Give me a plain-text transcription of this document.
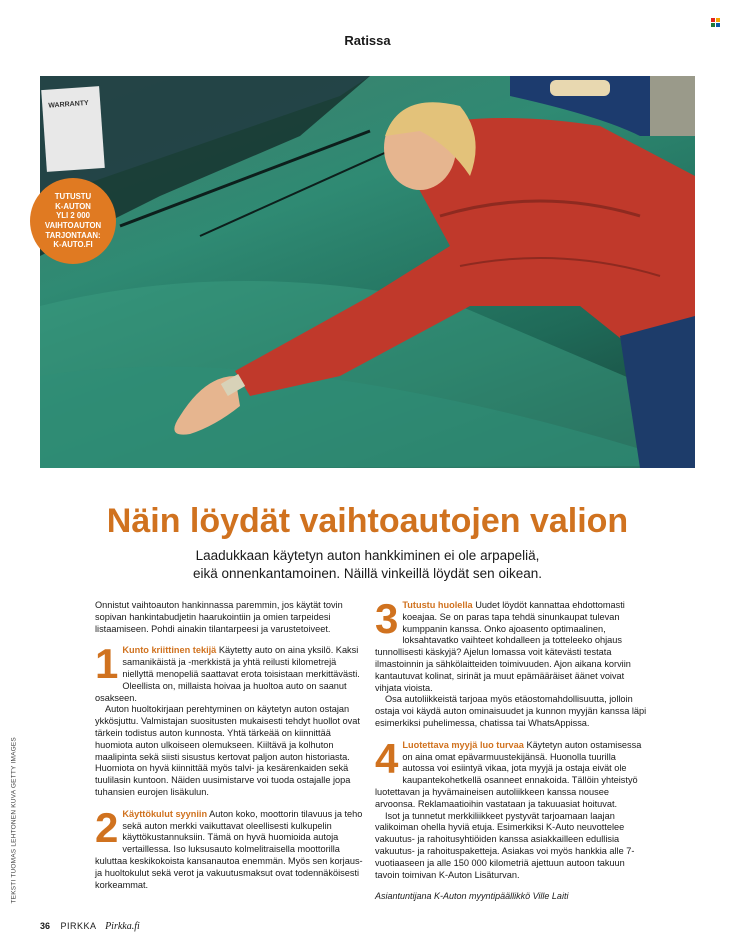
Ratissa
WARRANTY
TUTUSTU
K-AUTON
YLI 2 000
VAIHTOAUTON
TARJONTAAN:
K-AUTO.FI
Näin löydät vaihtoautojen valion
Laadukkaan käytetyn auton hankkiminen ei ole arpapeliä,
eikä onnenkantamoinen. Näillä vinkeillä löydät sen oikean.

Onnistut vaihtoauton hankinnassa paremmin, jos käytät tovin sopivan hankintabudjetin haarukointiin ja omien tarpeidesi listaamiseen. Pohdi ainakin tilantarpeesi ja varustetoiveet.

1 Kunto kriittinen tekijä Käytetty auto on aina yksilö. Kaksi samanikäistä ja -merkkistä ja yhtä reilusti kilometrejä niellyttä menopeliä saattavat erota toisistaan merkittävästi. Oleellista on, millaista hoivaa ja huoltoa auto on saanut osakseen.

Auton huoltokirjaan perehtyminen on käytetyn auton ostajan ykkösjuttu. Valmistajan suositusten mukaisesti tehdyt huollot ovat tärkein todistus auton kunnosta. Yhtä tärkeää on kiinnittää huomiota auton ulkoiseen olemukseen. Kiiltävä ja kolhuton maalipinta sekä siisti sisustus kertovat paljon auton historiasta. Huomiota on hyvä kiinnittää myös talvi- ja kesärenkaiden sekä tuulilasin kuntoon. Näiden uusimistarve voi tuoda ostajalle jopa tuhansien eurojen lisäkulun.

2 Käyttökulut syyniin Auton koko, moottorin tilavuus ja teho sekä auton merkki vaikuttavat oleellisesti kulkupelin käyttökustannuksiin. Tämä on hyvä huomioida autoja vertaillessa. Iso luksusauto kolmelitraisella moottorilla kuluttaa keskikokoista kansanautoa enemmän. Myös sen korjaus- ja huoltokulut sekä verot ja vakuutusmaksut ovat todennäköisesti korkeammat.

3 Tutustu huolella Uudet löydöt kannattaa ehdottomasti koeajaa. Se on paras tapa tehdä sinunkaupat tulevan kumppanin kanssa. Onko ajoasento optimaalinen, loksahtavatko vaihteet kohdalleen ja totteleeko ohjaus tunnollisesti käskyjä? Ajelun lomassa voit kätevästi testata ilmastoinnin ja sähkölaitteiden toimivuuden. Ajon aikana korviin kantautuvat kolinat, sirinät ja muut epämääräiset äänet voivat vihjata vioista.

Osa autoliikkeistä tarjoaa myös etäostomahdollisuutta, jolloin ostaja voi käydä auton ominaisuudet ja kunnon myyjän kanssa läpi esimerkiksi puhelimessa, chatissa tai WhatsAppissa.

4 Luotettava myyjä luo turvaa Käytetyn auton ostamisessa on aina omat epävarmuustekijänsä. Huonolla tuurilla autossa voi esiintyä vikaa, jota myyjä ja ostaja eivät ole kaupantekohetkellä osanneet ennakoida. Tällöin yhteistyö luotettavan ja hyvämaineisen autoliikkeen kanssa nousee arvoonsa. Reklamaatioihin vastataan ja takuuasiat hoituvat.

Isot ja tunnetut merkkiliikkeet pystyvät tarjoamaan laajan valikoiman ohella hyviä etuja. Esimerkiksi K-Auto neuvottelee vakuutus- ja rahoitusyhtiöiden kanssa asiakkailleen edullisia vakuutus- ja rahoituspaketteja. Asiakas voi myös hankkia alle 7-vuotiaaseen ja alle 150 000 kilometriä ajettuun autoon takuun tavoin toimivan K-Auton Lisäturvan.

Asiantuntijana K-Auton myyntipäällikkö Ville Laiti
TEKSTI TUOMAS LEHTONEN KUVA GETTY IMAGES
36 PIRKKA Pirkka.fi
